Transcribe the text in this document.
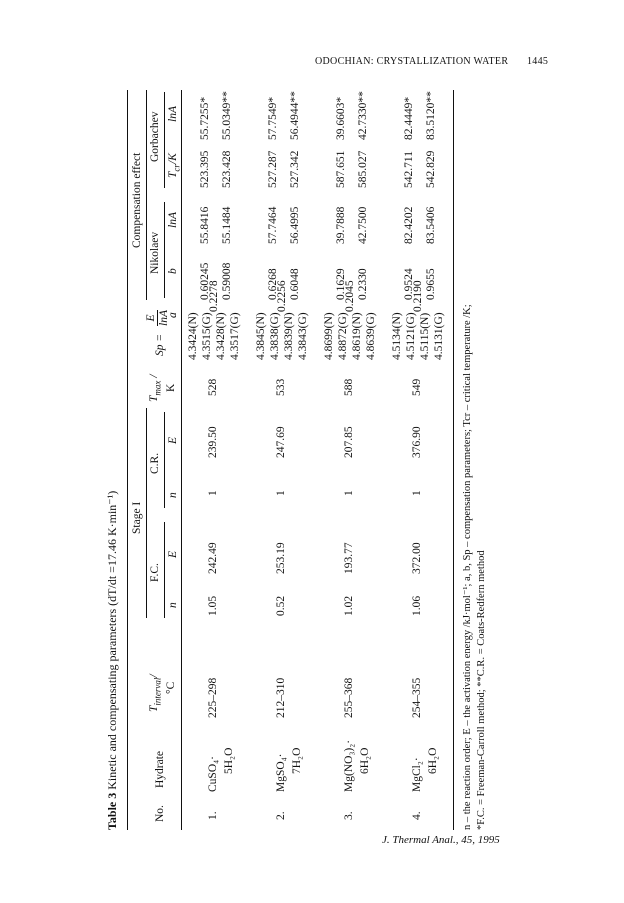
ODOCHIAN: CRYSTALLIZATION WATER 1445
Table 3 Kinetic and compensating parameters (dT/dt =17.46 K·min⁻¹)
No.
Hydrate
$T_{interval}/$
°C
Stage I
F.C.
C.R.
n
E
n
E
$T_{max}$ /
K
Sp =
E lnA
Compensation effect
Nikolaev
Gorbachev
a
b
lnA
$T_{cr}/K$
lnA
1.
CuSO₄· 5H₂O
225–298
1.05
242.49
1
239.50
528
4.3424(N) 4.3515(G) 4.3428(N) 4.3517(G)
0.2278
0.60245
55.8416
0.59008
55.1484
523.395
55.7255*
523.428
55.0349**
2.
MgSO₄· 7H₂O
212–310
0.52
253.19
1
247.69
533
4.3845(N) 4.3838(G) 4.3839(N) 4.3843(G)
0.2256
0.6268
57.7464
0.6048
56.4995
527.287
57.7549*
527.342
56.4944**
3.
Mg(NO₃)₂· 6H₂O
255–368
1.02
193.77
1
207.85
588
4.8699(N) 4.8872(G) 4.8619(N) 4.8639(G)
0.2045
0.1629
39.7888
0.2330
42.7500
587.651
39.6603*
585.027
42.7330**
4.
MgCl₂· 6H₂O
254–355
1.06
372.00
1
376.90
549
4.5134(N) 4.5121(G) 4.5115(N) 4.5131(G)
0.2190
0.9524
82.4202
0.9655
83.5406
542.711
82.4449*
542.829
83.5120**
n – the reaction order; E – the activation energy /kJ·mol⁻¹; a, b, Sp – compensation parameters; Tcr – critical temperature /K; *F.C. = Freeman-Carroll method; **C.R. = Coats-Redfern method
J. Thermal Anal., 45, 1995
